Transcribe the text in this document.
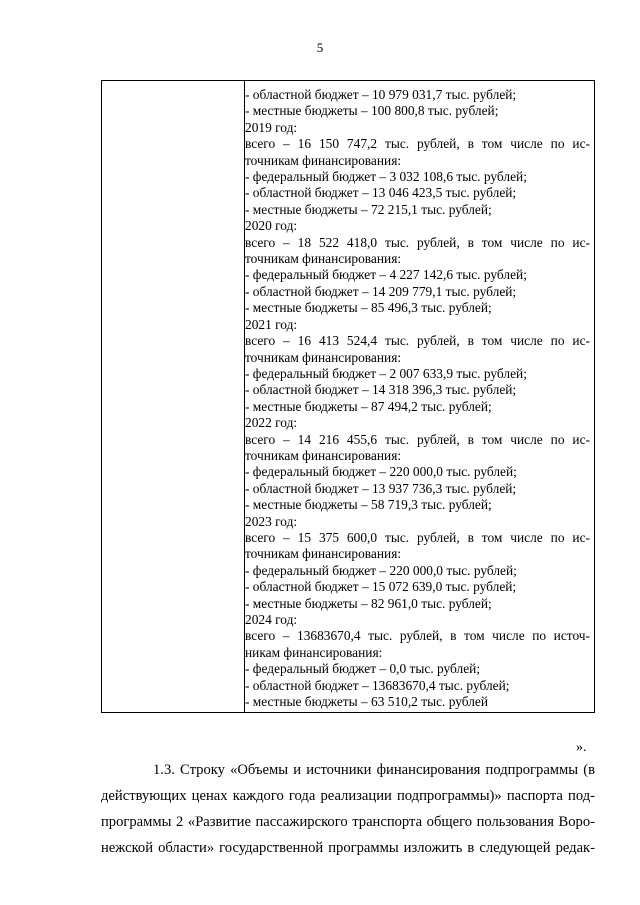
5
- областной бюджет – 10 979 031,7 тыс. рублей;
- местные бюджеты – 100 800,8 тыс. рублей;
2019 год:
всего – 16 150 747,2 тыс. рублей, в том числе по ис-
точникам финансирования:
- федеральный бюджет – 3 032 108,6 тыс. рублей;
- областной бюджет – 13 046 423,5 тыс. рублей;
- местные бюджеты – 72 215,1 тыс. рублей;
2020 год:
всего – 18 522 418,0 тыс. рублей, в том числе по ис-
точникам финансирования:
- федеральный бюджет – 4 227 142,6 тыс. рублей;
- областной бюджет – 14 209 779,1 тыс. рублей;
- местные бюджеты – 85 496,3 тыс. рублей;
2021 год:
всего – 16 413 524,4 тыс. рублей, в том числе по ис-
точникам финансирования:
- федеральный бюджет – 2 007 633,9 тыс. рублей;
- областной бюджет – 14 318 396,3 тыс. рублей;
- местные бюджеты – 87 494,2 тыс. рублей;
2022 год:
всего – 14 216 455,6 тыс. рублей, в том числе по ис-
точникам финансирования:
- федеральный бюджет – 220 000,0 тыс. рублей;
- областной бюджет – 13 937 736,3 тыс. рублей;
- местные бюджеты – 58 719,3 тыс. рублей;
2023 год:
всего – 15 375 600,0 тыс. рублей, в том числе по ис-
точникам финансирования:
- федеральный бюджет – 220 000,0 тыс. рублей;
- областной бюджет – 15 072 639,0 тыс. рублей;
- местные бюджеты – 82 961,0 тыс. рублей;
2024 год:
всего – 13683670,4 тыс. рублей, в том числе по источ-
никам финансирования:
- федеральный бюджет – 0,0 тыс. рублей;
- областной бюджет – 13683670,4 тыс. рублей;
- местные бюджеты – 63 510,2 тыс. рублей
».
1.3. Строку «Объемы и источники финансирования подпрограммы (в
действующих ценах каждого года реализации подпрограммы)» паспорта под-
программы 2 «Развитие пассажирского транспорта общего пользования Воро-
нежской области» государственной программы изложить в следующей редак-
